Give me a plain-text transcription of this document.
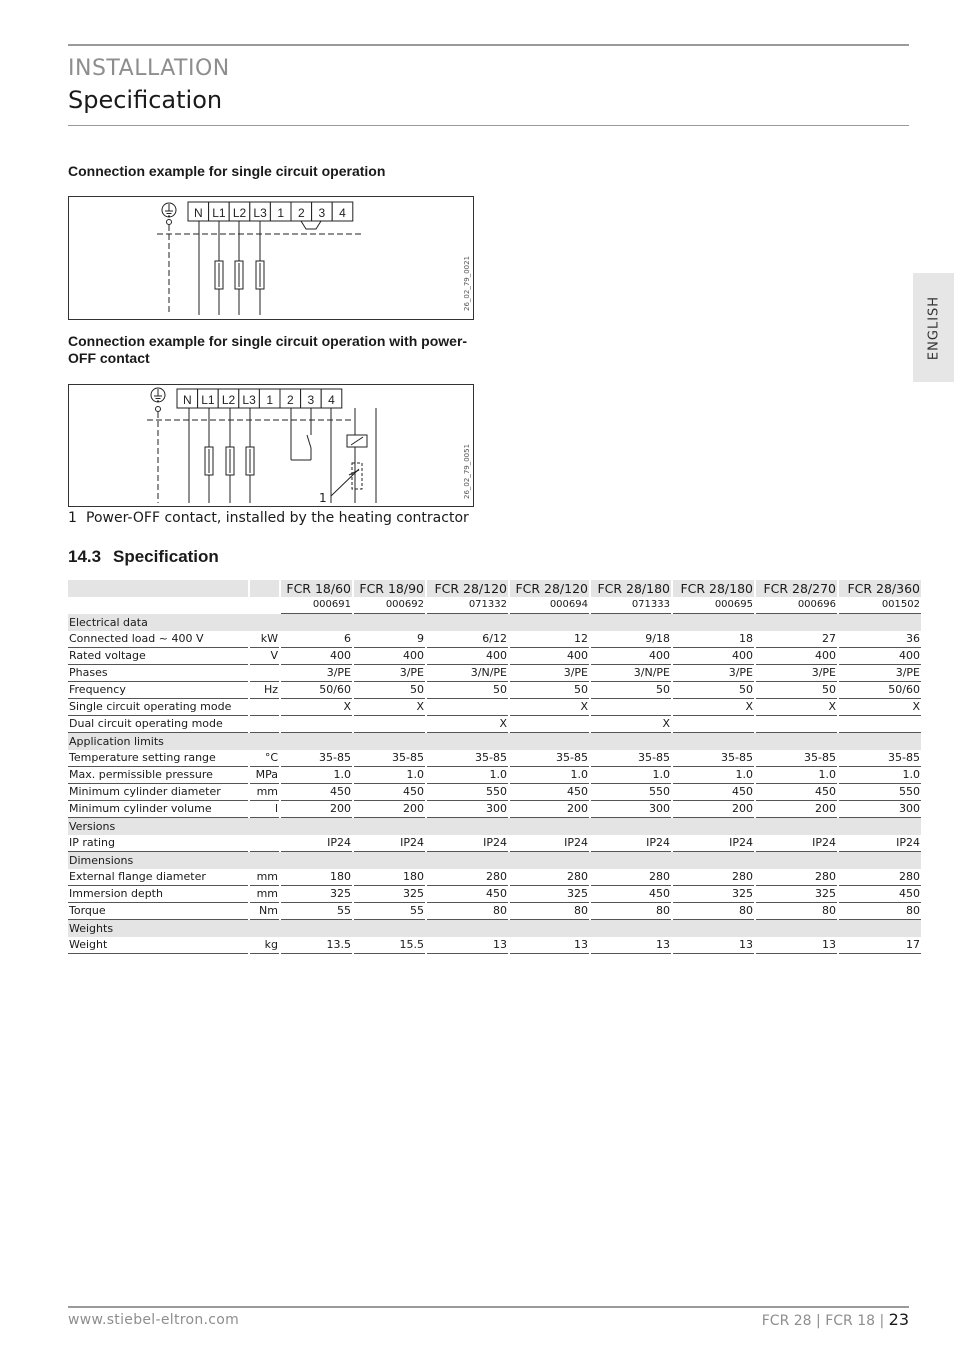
INSTALLATION
Specification
ENGLISH
Connection example for single circuit operation
N L1 L2 L3 1 2 3 4
26_02_79_0021
Connection example for single circuit operation with power-OFF contact
N L1 L2 L3 1 2 3 4
1	26_02_79_0051
1 Power-OFF contact, installed by the heating contractor
14.3 Specification
		FCR 18/60	FCR 18/90	FCR 28/120	FCR 28/120	FCR 28/180	FCR 28/180	FCR 28/270	FCR 28/360
		000691	000692	071332	000694	071333	000695	000696	001502
Electrical data									
Connected load ~ 400 V	kW	6	9	6/12	12	9/18	18	27	36
Rated voltage	V	400	400	400	400	400	400	400	400
Phases		3/PE	3/PE	3/N/PE	3/PE	3/N/PE	3/PE	3/PE	3/PE
Frequency	Hz	50/60	50	50	50	50	50	50	50/60
Single circuit operating mode		X	X		X		X	X	X
Dual circuit operating mode				X		X			
Application limits									
Temperature setting range	°C	35-85	35-85	35-85	35-85	35-85	35-85	35-85	35-85
Max. permissible pressure	MPa	1.0	1.0	1.0	1.0	1.0	1.0	1.0	1.0
Minimum cylinder diameter	mm	450	450	550	450	550	450	450	550
Minimum cylinder volume	l	200	200	300	200	300	200	200	300
Versions									
IP rating		IP24	IP24	IP24	IP24	IP24	IP24	IP24	IP24
Dimensions									
External flange diameter	mm	180	180	280	280	280	280	280	280
Immersion depth	mm	325	325	450	325	450	325	325	450
Torque	Nm	55	55	80	80	80	80	80	80
Weights									
Weight	kg	13.5	15.5	13	13	13	13	13	17
www.stiebel-eltron.com	FCR 28 | FCR 18 | 23
